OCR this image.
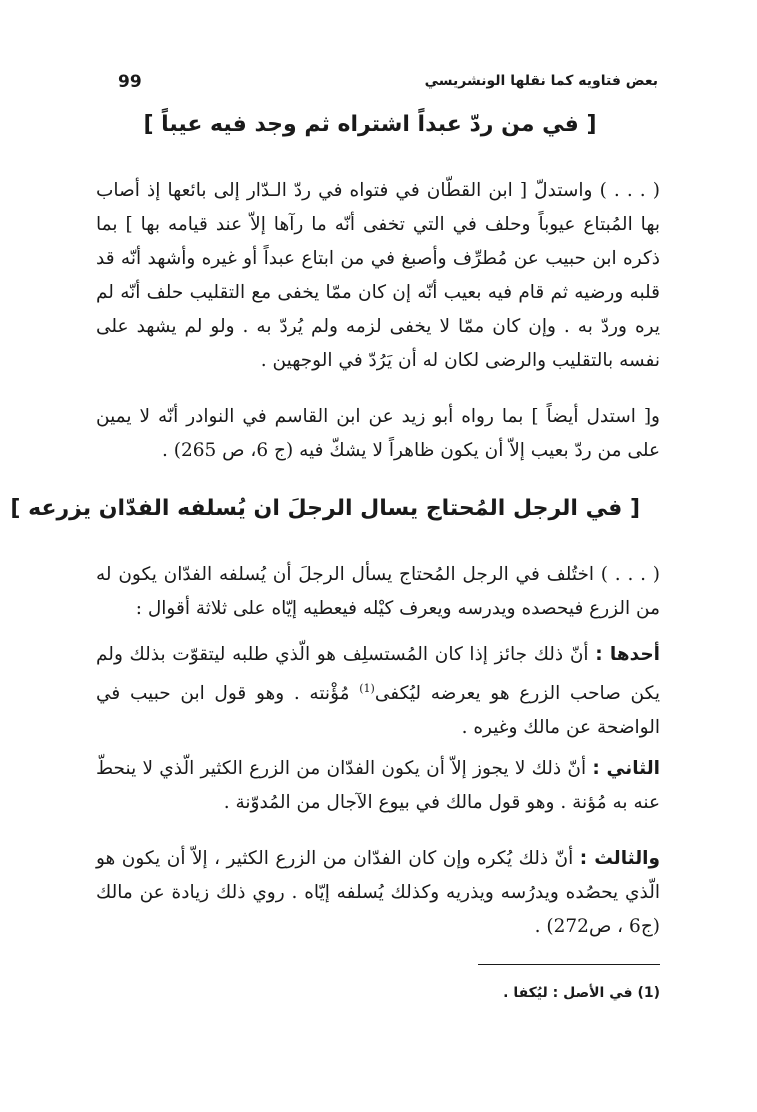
99	بعض فتاويه كما نقلها الونشريسي
[ في من ردّ عبداً اشتراه ثم وجد فيه عيباً ]

( . . . ) واستدلّ [ ابن القطّان في فتواه في ردّ الـدّار إلى بائعها إذ أصاب بها المُبتاع عيوباً وحلف في التي تخفى أنّه ما رآها إلاّ عند قيامه بها ] بما ذكره ابن حبيب عن مُطرِّف وأصبغ في من ابتاع عبداً أو غيره وأشهد أنّه قد قلبه ورضيه ثم قام فيه بعيب أنّه إن كان ممّا يخفى مع التقليب حلف أنّه لم يره وردّ به . وإن كان ممّا لا يخفى لزمه ولم يُردّ به . ولو لم يشهد على نفسه بالتقليب والرضى لكان له أن يَرُدّ في الوجهين .

و[ استدل أيضاً ] بما رواه أبو زيد عن ابن القاسم في النوادر أنّه لا يمين على من ردّ بعيب إلاّ أن يكون ظاهراً لا يشكّ فيه (ج 6، ص 265) .

[ في الرجل المُحتاج يسال الرجلَ ان يُسلفه الفدّان يزرعه ]

( . . . ) اختُلف في الرجل المُحتاج يسأل الرجلَ أن يُسلفه الفدّان يكون له من الزرع فيحصده ويدرسه ويعرف كيْله فيعطيه إيّاه على ثلاثة أقوال :

أحدها : أنّ ذلك جائز إذا كان المُستسلِف هو الّذي طلبه ليتقوّت بذلك ولم يكن صاحب الزرع هو يعرضه ليُكفى$^{(1)}$ مُؤْنته . وهو قول ابن حبيب في الواضحة عن مالك وغيره .

الثاني : أنّ ذلك لا يجوز إلاّ أن يكون الفدّان من الزرع الكثير الّذي لا ينحطّ عنه به مُؤنة . وهو قول مالك في بيوع الآجال من المُدوّنة .

والثالث : أنّ ذلك يُكره وإن كان الفدّان من الزرع الكثير ، إلاّ أن يكون هو الّذي يحصُده ويدرُسه ويذريه وكذلك يُسلفه إيّاه . روي ذلك زيادة عن مالك (ج6 ، ص272) .

(1) في الأصل : ليُكفا .
